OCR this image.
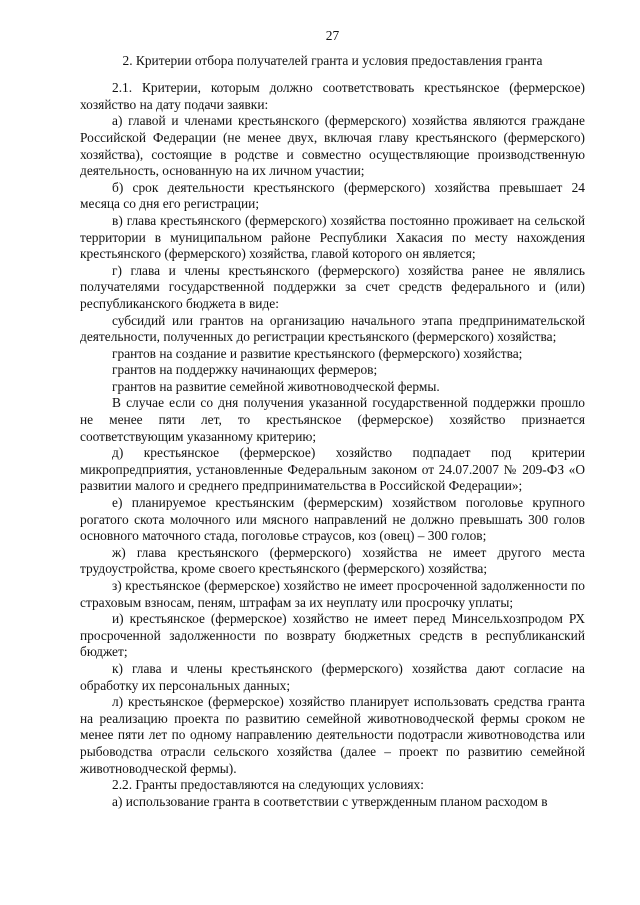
27
2. Критерии отбора получателей гранта и условия предоставления гранта

2.1. Критерии, которым должно соответствовать крестьянское (фермерское) хозяйство на дату подачи заявки:

а) главой и членами крестьянского (фермерского) хозяйства являются граждане Российской Федерации (не менее двух, включая главу крестьянского (фермерского) хозяйства), состоящие в родстве и совместно осуществляющие производственную деятельность, основанную на их личном участии;

б) срок деятельности крестьянского (фермерского) хозяйства превышает 24 месяца со дня его регистрации;

в) глава крестьянского (фермерского) хозяйства постоянно проживает на сельской территории в муниципальном районе Республики Хакасия по месту нахождения крестьянского (фермерского) хозяйства, главой которого он является;

г) глава и члены крестьянского (фермерского) хозяйства ранее не являлись получателями государственной поддержки за счет средств федерального и (или) республиканского бюджета в виде:

субсидий или грантов на организацию начального этапа предпринимательской деятельности, полученных до регистрации крестьянского (фермерского) хозяйства;

грантов на создание и развитие крестьянского (фермерского) хозяйства;

грантов на поддержку начинающих фермеров;

грантов на развитие семейной животноводческой фермы.

В случае если со дня получения указанной государственной поддержки прошло не менее пяти лет, то крестьянское (фермерское) хозяйство признается соответствующим указанному критерию;

д) крестьянское (фермерское) хозяйство подпадает под критерии микропредприятия, установленные Федеральным законом от 24.07.2007 № 209-ФЗ «О развитии малого и среднего предпринимательства в Российской Федерации»;

е) планируемое крестьянским (фермерским) хозяйством поголовье крупного рогатого скота молочного или мясного направлений не должно превышать 300 голов основного маточного стада, поголовье страусов, коз (овец) – 300 голов;

ж) глава крестьянского (фермерского) хозяйства не имеет другого места трудоустройства, кроме своего крестьянского (фермерского) хозяйства;

з) крестьянское (фермерское) хозяйство не имеет просроченной задолженности по страховым взносам, пеням, штрафам за их неуплату или просрочку уплаты;

и) крестьянское (фермерское) хозяйство не имеет перед Минсельхозпродом РХ просроченной задолженности по возврату бюджетных средств в республиканский бюджет;

к) глава и члены крестьянского (фермерского) хозяйства дают согласие на обработку их персональных данных;

л) крестьянское (фермерское) хозяйство планирует использовать средства гранта на реализацию проекта по развитию семейной животноводческой фермы сроком не менее пяти лет по одному направлению деятельности подотрасли животноводства или рыбоводства отрасли сельского хозяйства (далее – проект по развитию семейной животноводческой фермы).

2.2. Гранты предоставляются на следующих условиях:

а) использование гранта в соответствии с утвержденным планом расходом в
